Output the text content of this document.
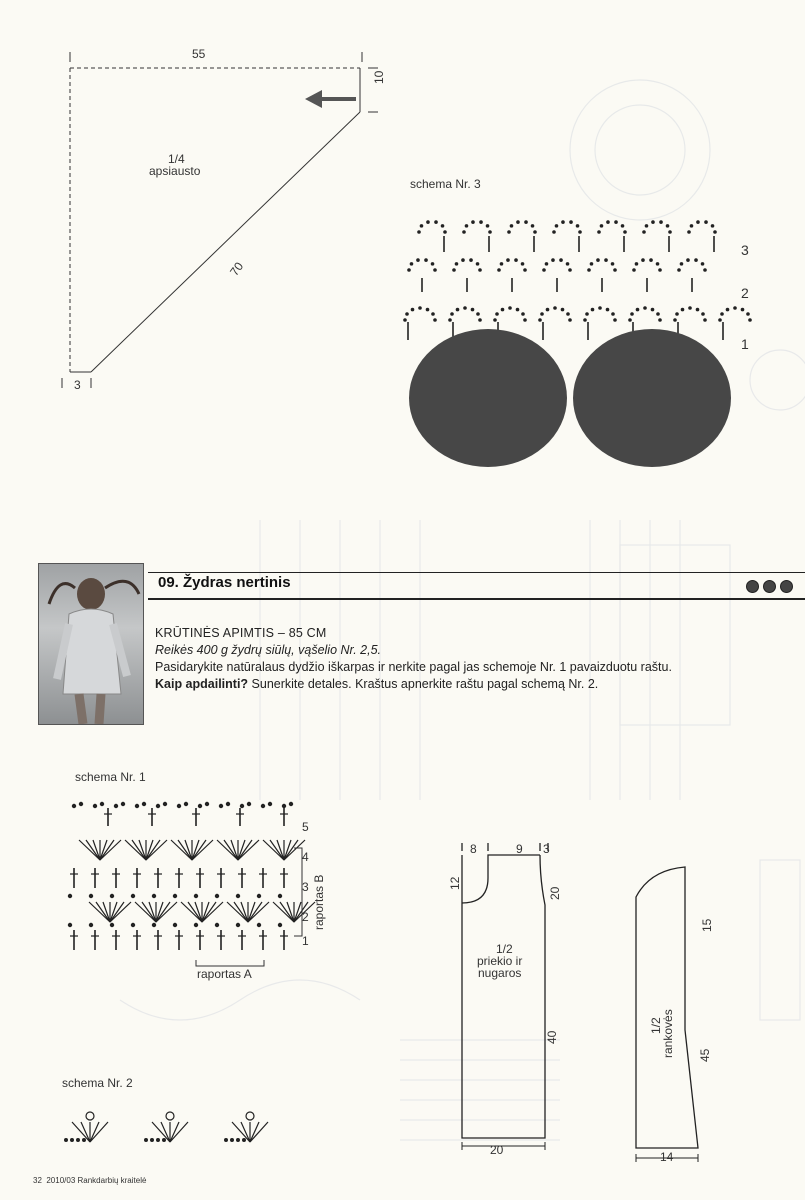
55
10
1/4
apsiausto
70
3
schema Nr. 3
3
2
1
09. Žydras nertinis

KRŪTINĖS APIMTIS – 85 CM

Reikės 400 g žydrų siūlų, vąšelio Nr. 2,5.

Pasidarykite natūralaus dydžio iškarpas ir nerkite pagal jas schemoje Nr. 1 pavaizduotu raštu.

Kaip apdailinti? Sunerkite detales. Kraštus apnerkite raštu pagal schemą Nr. 2.

schema Nr. 1
5
4
3
2
1
raportas B
raportas A
schema Nr. 2
8	9 3
12
20
1/2
priekio ir
nugaros
40
20
15
1/2
rankovės 45
14
32 2010/03 Rankdarbių kraitelė
